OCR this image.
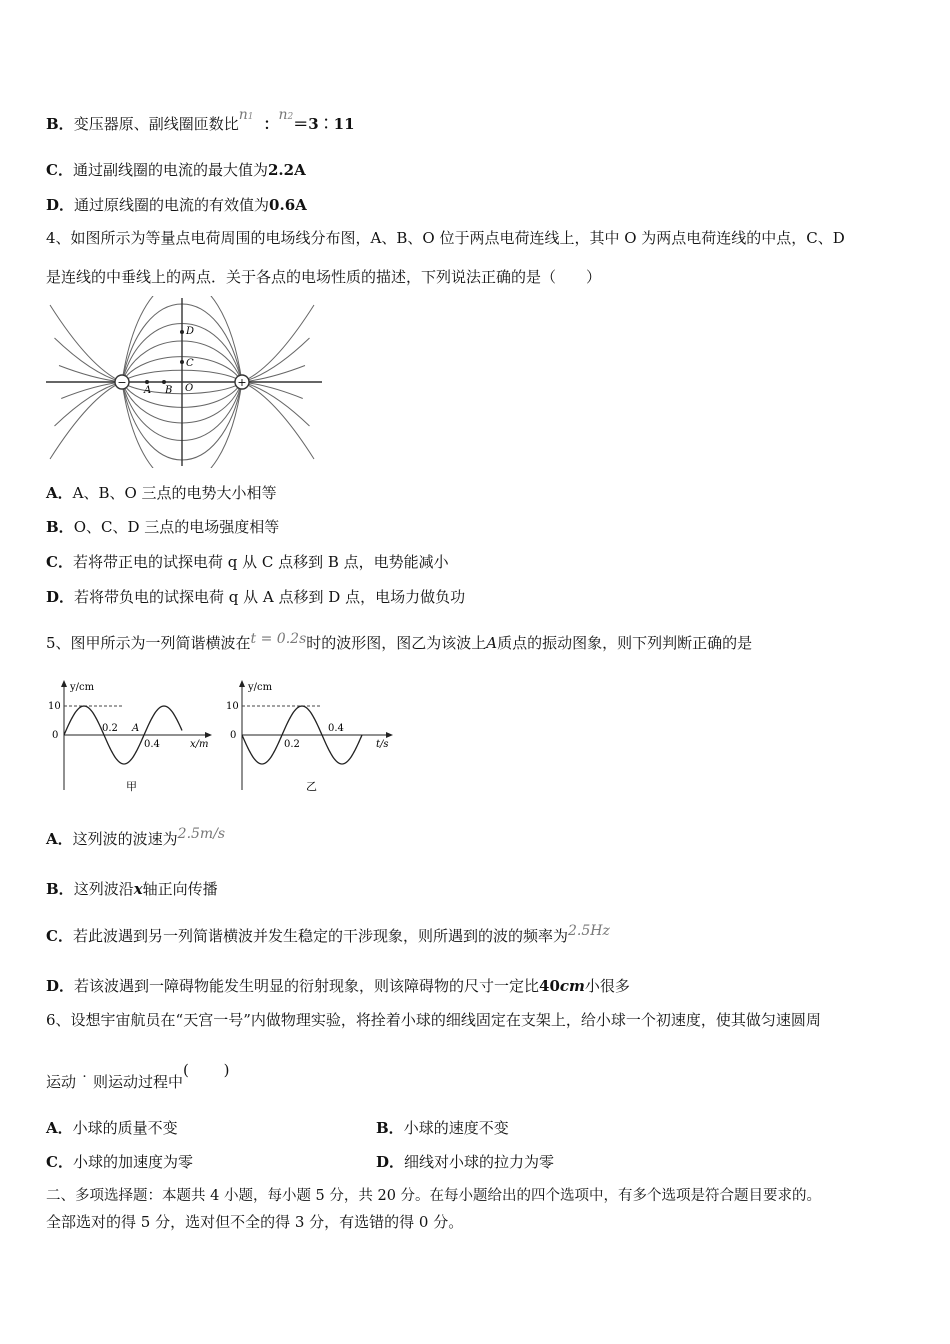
B．变压器原、副线圈匝数比n1 ：n2＝3︰11
C．通过副线圈的电流的最大值为2.2A
D．通过原线圈的电流的有效值为0.6A
4、如图所示为等量点电荷周围的电场线分布图，A、B、O 位于两点电荷连线上，其中 O 为两点电荷连线的中点，C、D
是连线的中垂线上的两点．关于各点的电场性质的描述，下列说法正确的是（　　）
−	+
D
C
A B O
A．A、B、O 三点的电势大小相等
B．O、C、D 三点的电场强度相等
C．若将带正电的试探电荷 q 从 C 点移到 B 点，电势能减小
D．若将带负电的试探电荷 q 从 A 点移到 D 点，电场力做负功
5、图甲所示为一列简谐横波在t = 0.2s时的波形图，图乙为该波上A质点的振动图象，则下列判断正确的是
y/cm
x/m
10
0
0.2
0.4
A
甲
y/cm
t/s
10
0
0.2
0.4
乙
A．这列波的波速为2.5m/s
B．这列波沿x轴正向传播
C．若此波遇到另一列简谐横波并发生稳定的干涉现象，则所遇到的波的频率为2.5Hz
D．若该波遇到一障碍物能发生明显的衍射现象，则该障碍物的尺寸一定比40cm小很多
6、设想宇宙航员在“天宫一号”内做物理实验，将拴着小球的细线固定在支架上，给小球一个初速度，使其做匀速圆周
运动 ˙ 则运动过程中(　　 )
A．小球的质量不变	B．小球的速度不变
C．小球的加速度为零	D．细线对小球的拉力为零
二、多项选择题：本题共 4 小题，每小题 5 分，共 20 分。在每小题给出的四个选项中，有多个选项是符合题目要求的。
全部选对的得 5 分，选对但不全的得 3 分，有选错的得 0 分。
